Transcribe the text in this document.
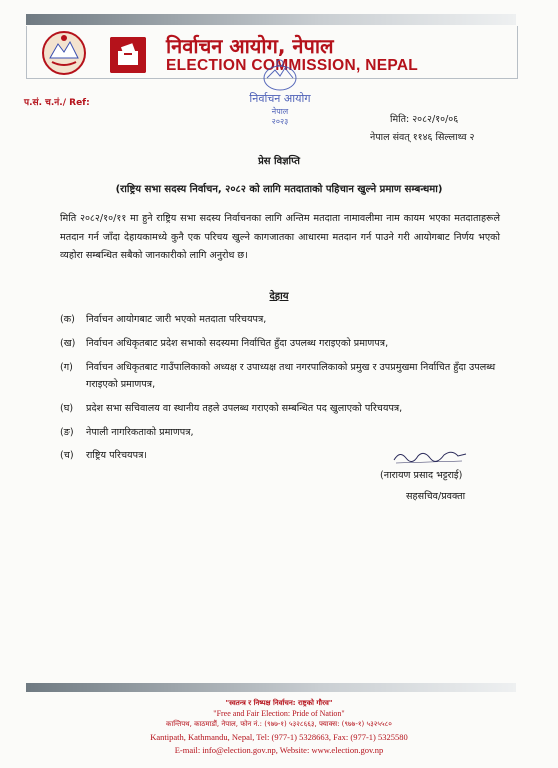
निर्वाचन आयोग, नेपाल
ELECTION COMMISSION, NEPAL
निर्वाचन आयोग
नेपाल
२०२३
प.सं. च.नं./ Ref:
मिति: २०८२/१०/०६
नेपाल संवत् ११४६ सिल्लाथ्व २
प्रेस विज्ञप्ति
(राष्ट्रिय सभा सदस्य निर्वाचन, २०८२ को लागि मतदाताको पहिचान खुल्ने प्रमाण सम्बन्धमा)
मिति २०८२/१०/११ मा हुने राष्ट्रिय सभा सदस्य निर्वाचनका लागि अन्तिम मतदाता नामावलीमा नाम कायम भएका मतदाताहरूले मतदान गर्न जाँदा देहायकामध्ये कुनै एक परिचय खुल्ने कागजातका आधारमा मतदान गर्न पाउने गरी आयोगबाट निर्णय भएको व्यहोरा सम्बन्धित सबैको जानकारीको लागि अनुरोध छ।
देहाय
(क) निर्वाचन आयोगबाट जारी भएको मतदाता परिचयपत्र,
(ख) निर्वाचन अधिकृतबाट प्रदेश सभाको सदस्यमा निर्वाचित हुँदा उपलब्ध गराइएको प्रमाणपत्र,
(ग) निर्वाचन अधिकृतबाट गाउँपालिकाको अध्यक्ष र उपाध्यक्ष तथा नगरपालिकाको प्रमुख र उपप्रमुखमा निर्वाचित हुँदा उपलब्ध गराइएको प्रमाणपत्र,
(घ) प्रदेश सभा सचिवालय वा स्थानीय तहले उपलब्ध गराएको सम्बन्धित पद खुलाएको परिचयपत्र,
(ङ) नेपाली नागरिकताको प्रमाणपत्र,
(च) राष्ट्रिय परिचयपत्र।
(नारायण प्रसाद भट्टराई)
सहसचिव/प्रवक्ता
"स्वतन्त्र र निष्पक्ष निर्वाचन: राष्ट्रको गौरव"
"Free and Fair Election: Pride of Nation"
कान्तिपथ, काठमाडौं, नेपाल, फोन नं.: (९७७-१) ५३२८६६३, फ्याक्स: (९७७-१) ५३२५५८०
Kantipath, Kathmandu, Nepal, Tel: (977-1) 5328663, Fax: (977-1) 5325580
E-mail: info@election.gov.np, Website: www.election.gov.np
